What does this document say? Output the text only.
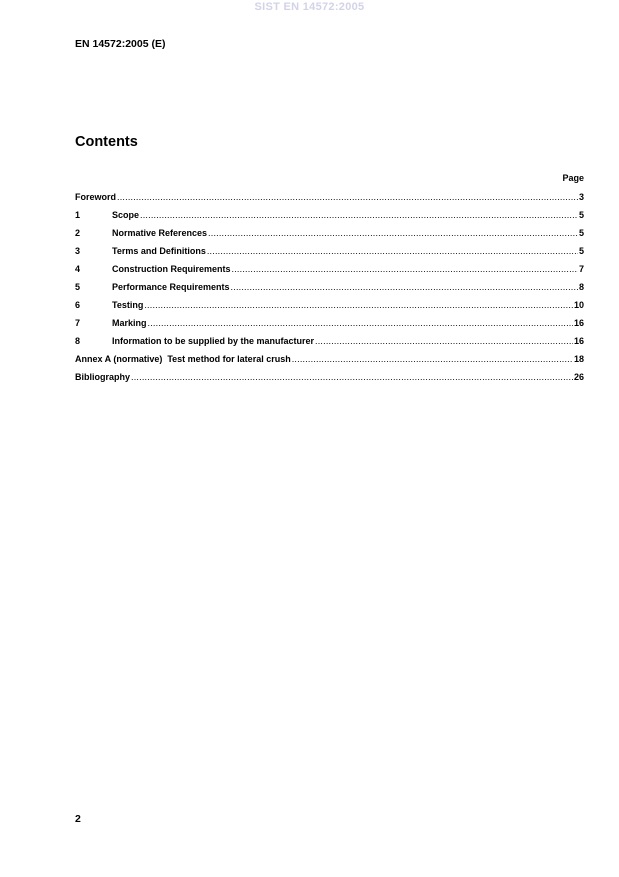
SIST EN 14572:2005
EN 14572:2005 (E)
Contents
Page
Foreword .....	3
1	Scope .....	5
2	Normative References .....	5
3	Terms and Definitions .....	5
4	Construction Requirements .....	7
5	Performance Requirements .....	8
6	Testing .....	10
7	Marking .....	16
8	Information to be supplied by the manufacturer .....	16
Annex A (normative)  Test method for lateral crush .....	18
Bibliography .....	26
2
